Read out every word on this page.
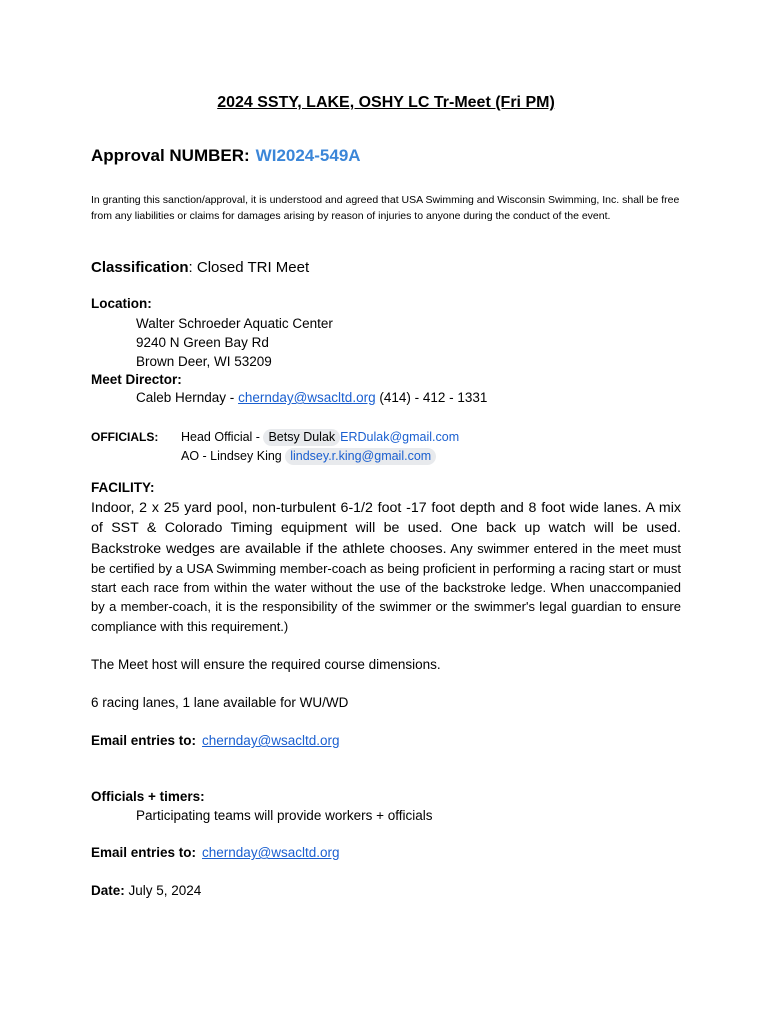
2024 SSTY, LAKE, OSHY LC Tr-Meet (Fri PM)
Approval NUMBER: WI2024-549A
In granting this sanction/approval, it is understood and agreed that USA Swimming and Wisconsin Swimming, Inc. shall be free from any liabilities or claims for damages arising by reason of injuries to anyone during the conduct of the event.
Classification: Closed TRI Meet
Location:
Walter Schroeder Aquatic Center
9240 N Green Bay Rd
Brown Deer, WI 53209
Meet Director:
Caleb Hernday - chernday@wsacltd.org (414) - 412 - 1331
OFFICIALS: Head Official - Betsy Dulak ERDulak@gmail.com
AO - Lindsey King lindsey.r.king@gmail.com
FACILITY:
Indoor, 2 x 25 yard pool, non-turbulent 6-1/2 foot -17 foot depth and 8 foot wide lanes. A mix of SST & Colorado Timing equipment will be used. One back up watch will be used. Backstroke wedges are available if the athlete chooses. Any swimmer entered in the meet must be certified by a USA Swimming member-coach as being proficient in performing a racing start or must start each race from within the water without the use of the backstroke ledge. When unaccompanied by a member-coach, it is the responsibility of the swimmer or the swimmer's legal guardian to ensure compliance with this requirement.)
The Meet host will ensure the required course dimensions.
6 racing lanes, 1 lane available for WU/WD
Email entries to: chernday@wsacltd.org
Officials + timers:
Participating teams will provide workers + officials
Email entries to: chernday@wsacltd.org
Date: July 5, 2024
